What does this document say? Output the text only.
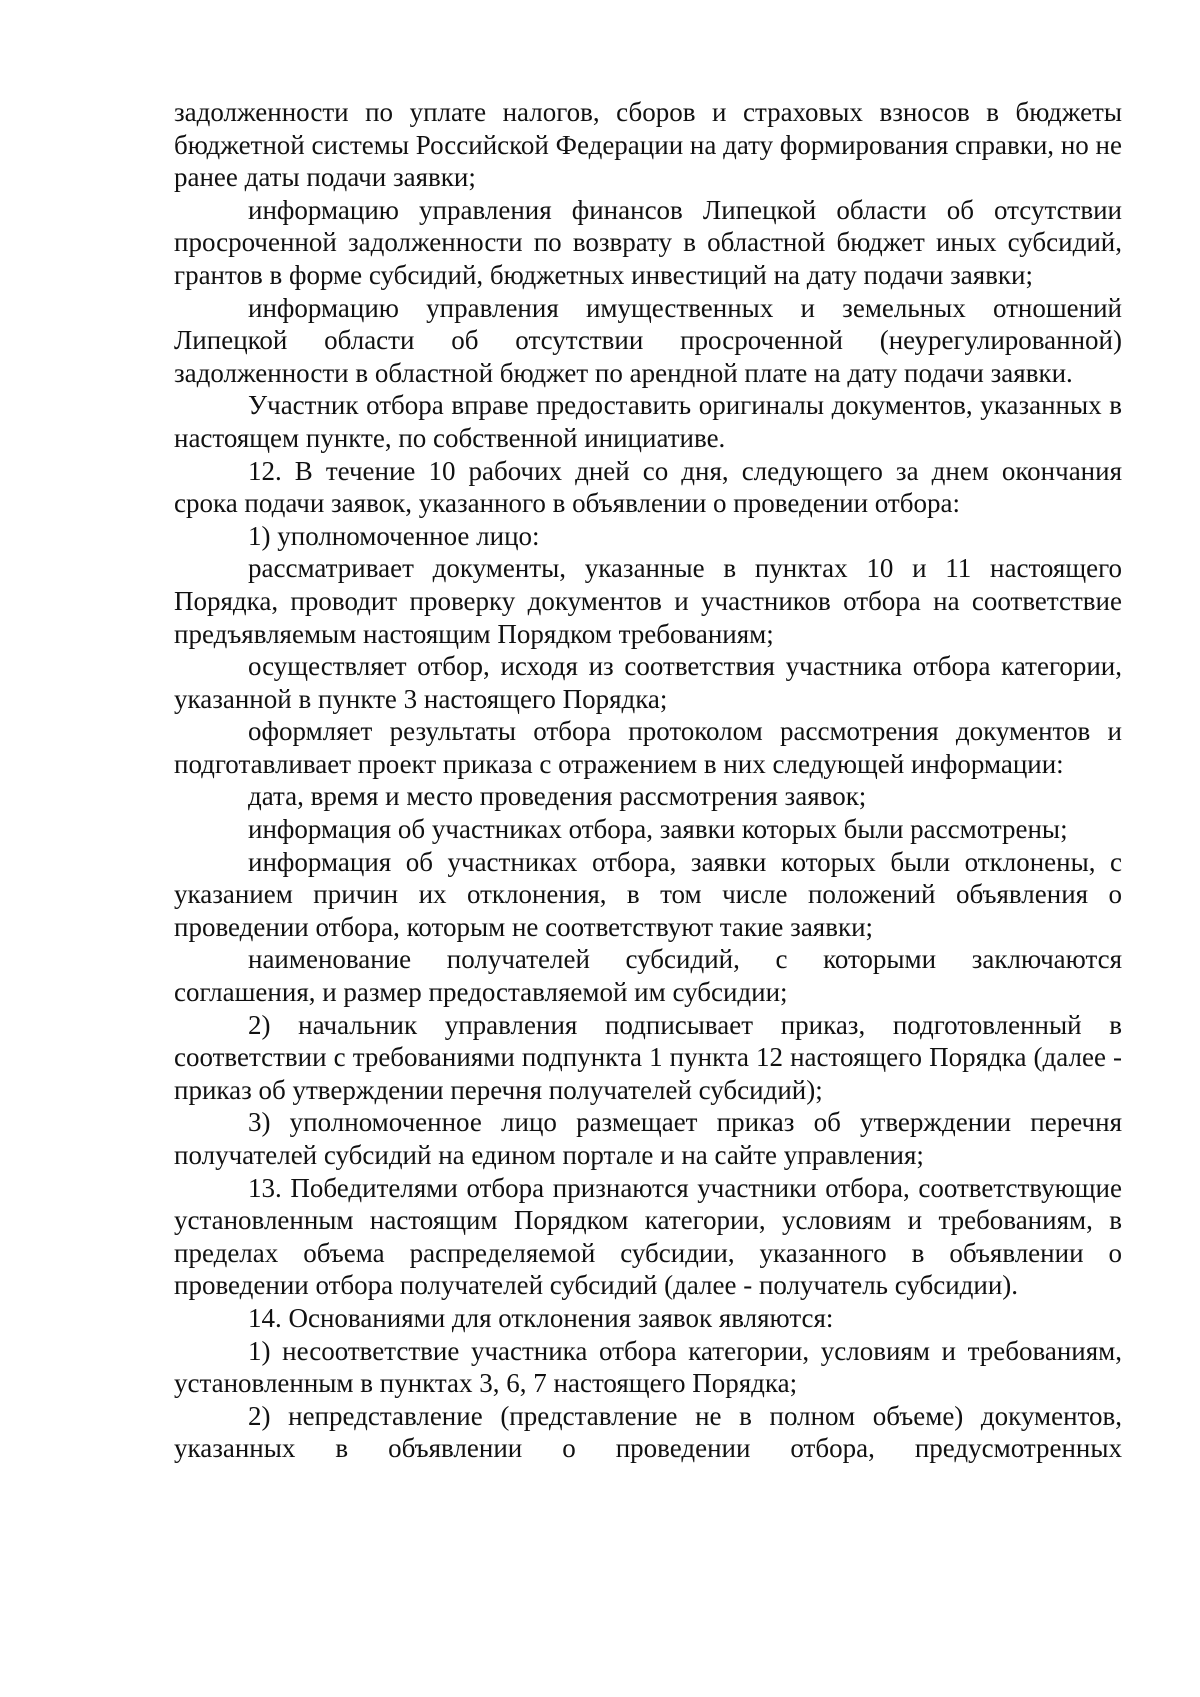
задолженности по уплате налогов, сборов и страховых взносов в бюджеты бюджетной системы Российской Федерации на дату формирования справки, но не ранее даты подачи заявки;

информацию управления финансов Липецкой области об отсутствии просроченной задолженности по возврату в областной бюджет иных субсидий, грантов в форме субсидий, бюджетных инвестиций на дату подачи заявки;

информацию управления имущественных и земельных отношений Липецкой области об отсутствии просроченной (неурегулированной) задолженности в областной бюджет по арендной плате на дату подачи заявки.

Участник отбора вправе предоставить оригиналы документов, указанных в настоящем пункте, по собственной инициативе.

12. В течение 10 рабочих дней со дня, следующего за днем окончания срока подачи заявок, указанного в объявлении о проведении отбора:

1) уполномоченное лицо:

рассматривает документы, указанные в пунктах 10 и 11 настоящего Порядка, проводит проверку документов и участников отбора на соответствие предъявляемым настоящим Порядком требованиям;

осуществляет отбор, исходя из соответствия участника отбора категории, указанной в пункте 3 настоящего Порядка;

оформляет результаты отбора протоколом рассмотрения документов и подготавливает проект приказа с отражением в них следующей информации:

дата, время и место проведения рассмотрения заявок;

информация об участниках отбора, заявки которых были рассмотрены;

информация об участниках отбора, заявки которых были отклонены, с указанием причин их отклонения, в том числе положений объявления о проведении отбора, которым не соответствуют такие заявки;

наименование получателей субсидий, с которыми заключаются соглашения, и размер предоставляемой им субсидии;

2) начальник управления подписывает приказ, подготовленный в соответствии с требованиями подпункта 1 пункта 12 настоящего Порядка (далее - приказ об утверждении перечня получателей субсидий);

3) уполномоченное лицо размещает приказ об утверждении перечня получателей субсидий на едином портале и на сайте управления;

13. Победителями отбора признаются участники отбора, соответствующие установленным настоящим Порядком категории, условиям и требованиям, в пределах объема распределяемой субсидии, указанного в объявлении о проведении отбора получателей субсидий (далее - получатель субсидии).

14. Основаниями для отклонения заявок являются:

1) несоответствие участника отбора категории, условиям и требованиям, установленным в пунктах 3, 6, 7 настоящего Порядка;

2) непредставление (представление не в полном объеме) документов, указанных в объявлении о проведении отбора, предусмотренных
